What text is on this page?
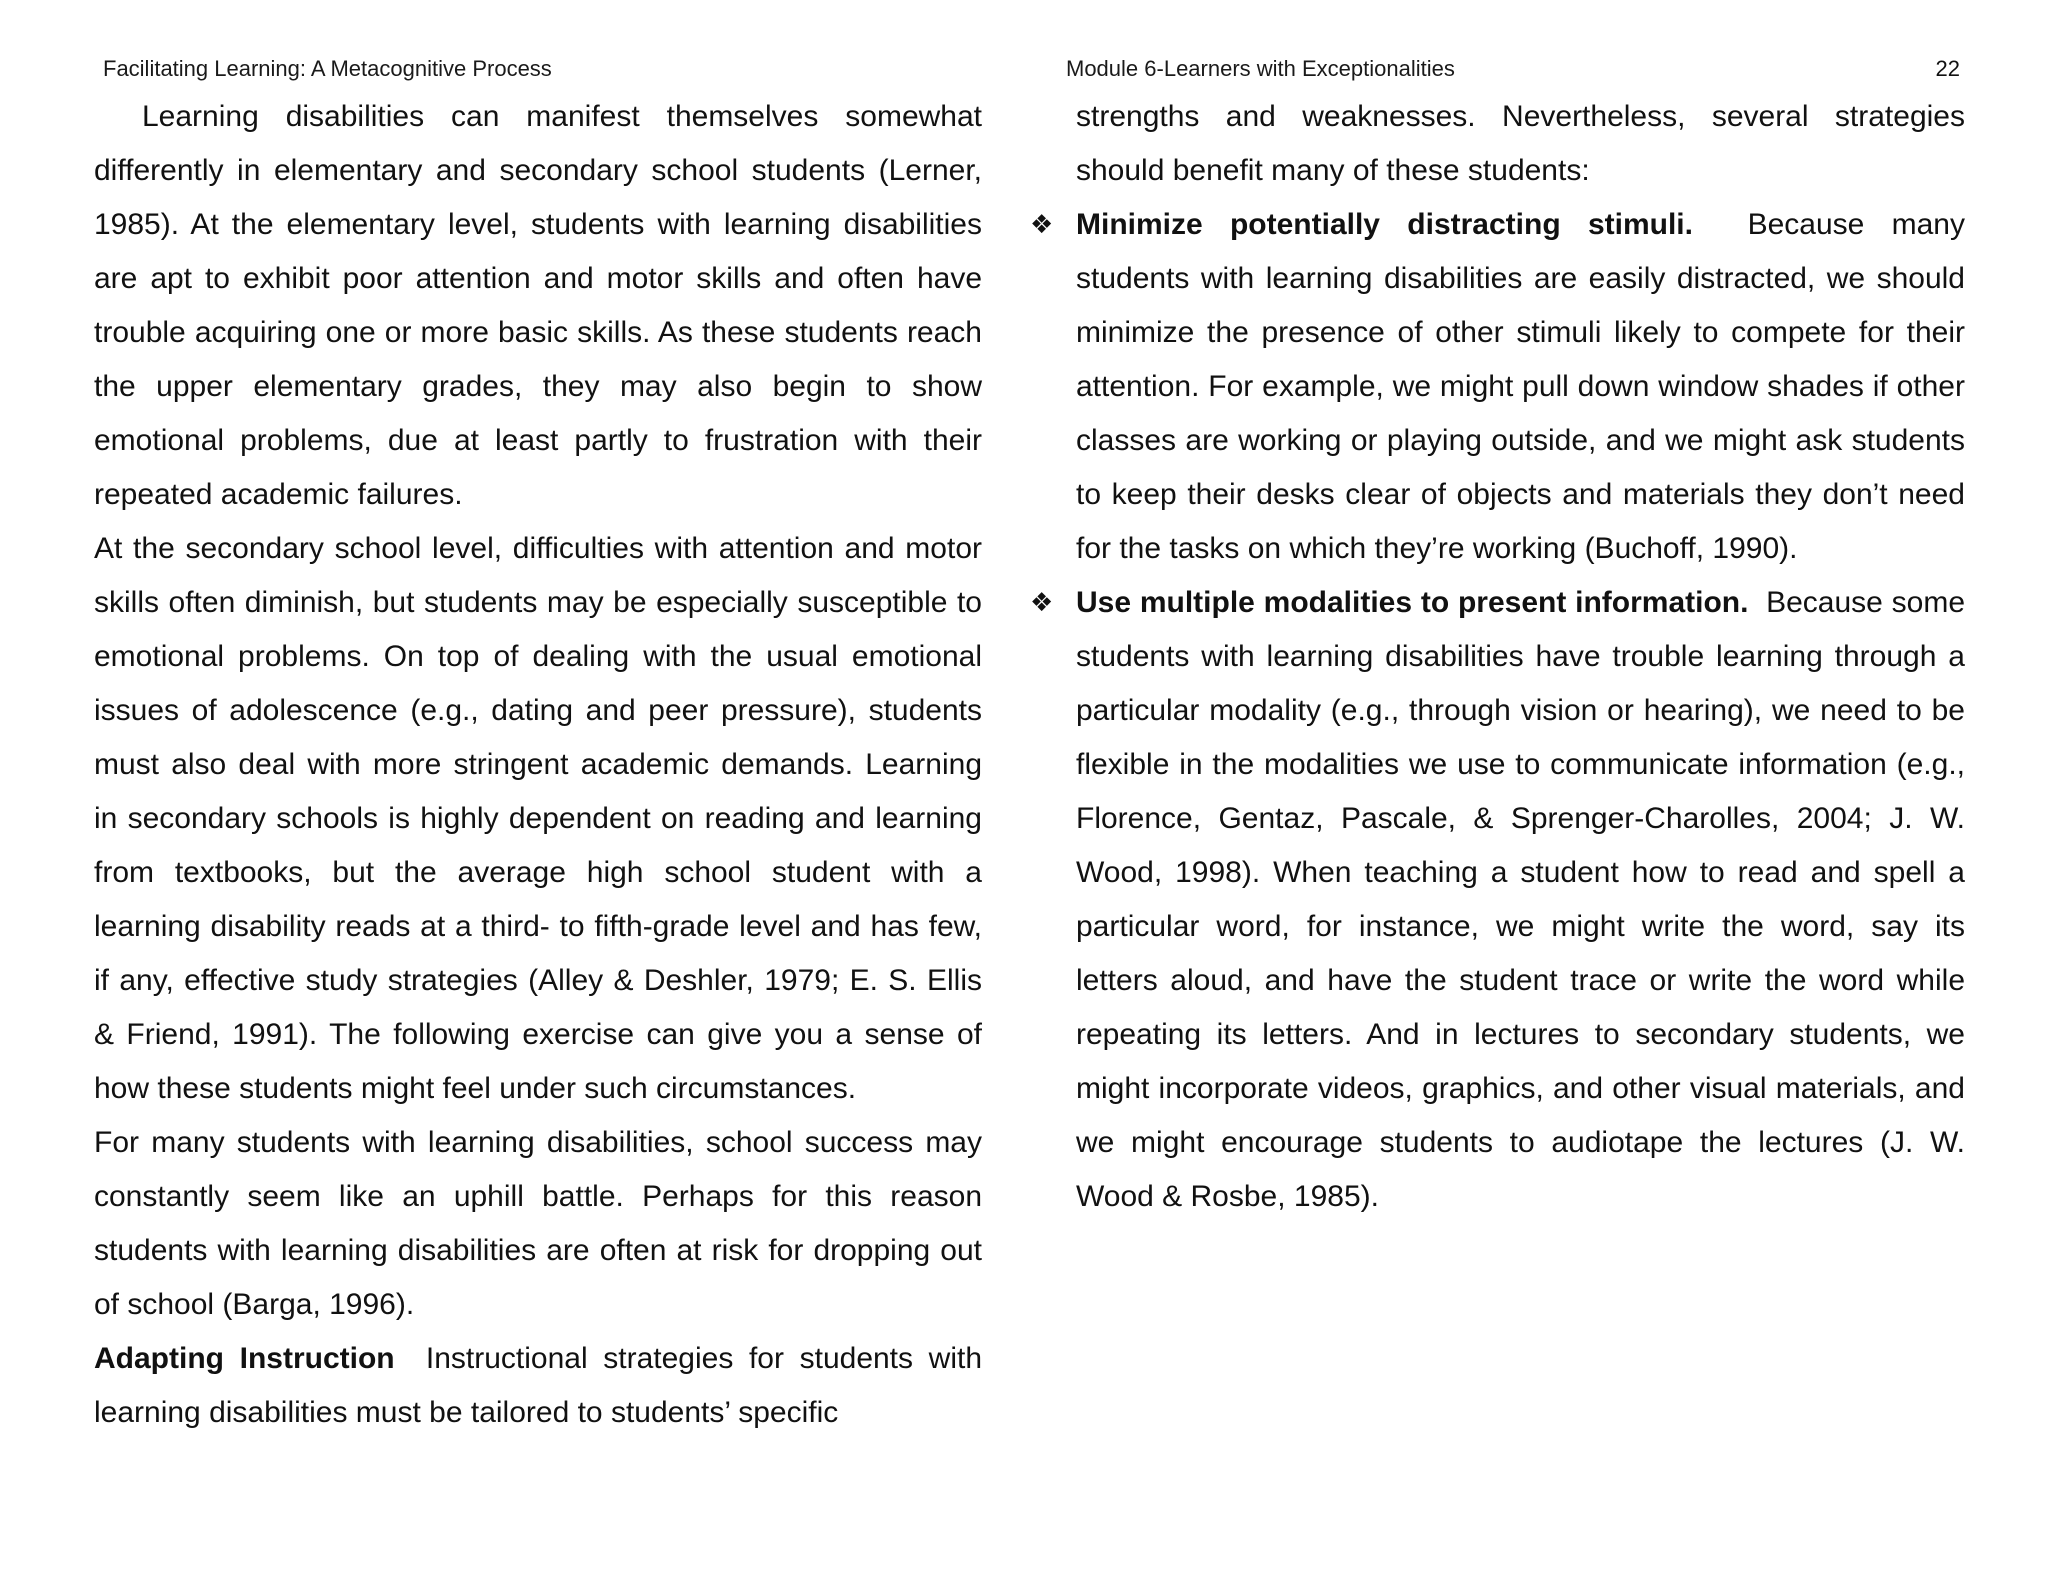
Facilitating Learning: A Metacognitive Process	Module 6-Learners with Exceptionalities	22

Learning disabilities can manifest themselves somewhat differently in elementary and secondary school students (Lerner, 1985). At the elementary level, students with learning disabilities are apt to exhibit poor attention and motor skills and often have trouble acquiring one or more basic skills. As these students reach the upper elementary grades, they may also begin to show emotional problems, due at least partly to frustration with their repeated academic failures.

At the secondary school level, difficulties with attention and motor skills often diminish, but students may be especially susceptible to emotional problems. On top of dealing with the usual emotional issues of adolescence (e.g., dating and peer pressure), students must also deal with more stringent academic demands. Learning in secondary schools is highly dependent on reading and learning from textbooks, but the average high school student with a learning disability reads at a third- to fifth-grade level and has few, if any, effective study strategies (Alley & Deshler, 1979; E. S. Ellis & Friend, 1991). The following exercise can give you a sense of how these students might feel under such circumstances.

For many students with learning disabilities, school success may constantly seem like an uphill battle. Perhaps for this reason students with learning disabilities are often at risk for dropping out of school (Barga, 1996).

Adapting Instruction Instructional strategies for students with learning disabilities must be tailored to students’ specific

strengths and weaknesses. Nevertheless, several strategies should benefit many of these students:

❖ Minimize potentially distracting stimuli. Because many students with learning disabilities are easily distracted, we should minimize the presence of other stimuli likely to compete for their attention. For example, we might pull down window shades if other classes are working or playing outside, and we might ask students to keep their desks clear of objects and materials they don’t need for the tasks on which they’re working (Buchoff, 1990).

❖ Use multiple modalities to present information. Because some students with learning disabilities have trouble learning through a particular modality (e.g., through vision or hearing), we need to be flexible in the modalities we use to communicate information (e.g., Florence, Gentaz, Pascale, & Sprenger-Charolles, 2004; J. W. Wood, 1998). When teaching a student how to read and spell a particular word, for instance, we might write the word, say its letters aloud, and have the student trace or write the word while repeating its letters. And in lectures to secondary students, we might incorporate videos, graphics, and other visual materials, and we might encourage students to audiotape the lectures (J. W. Wood & Rosbe, 1985).
